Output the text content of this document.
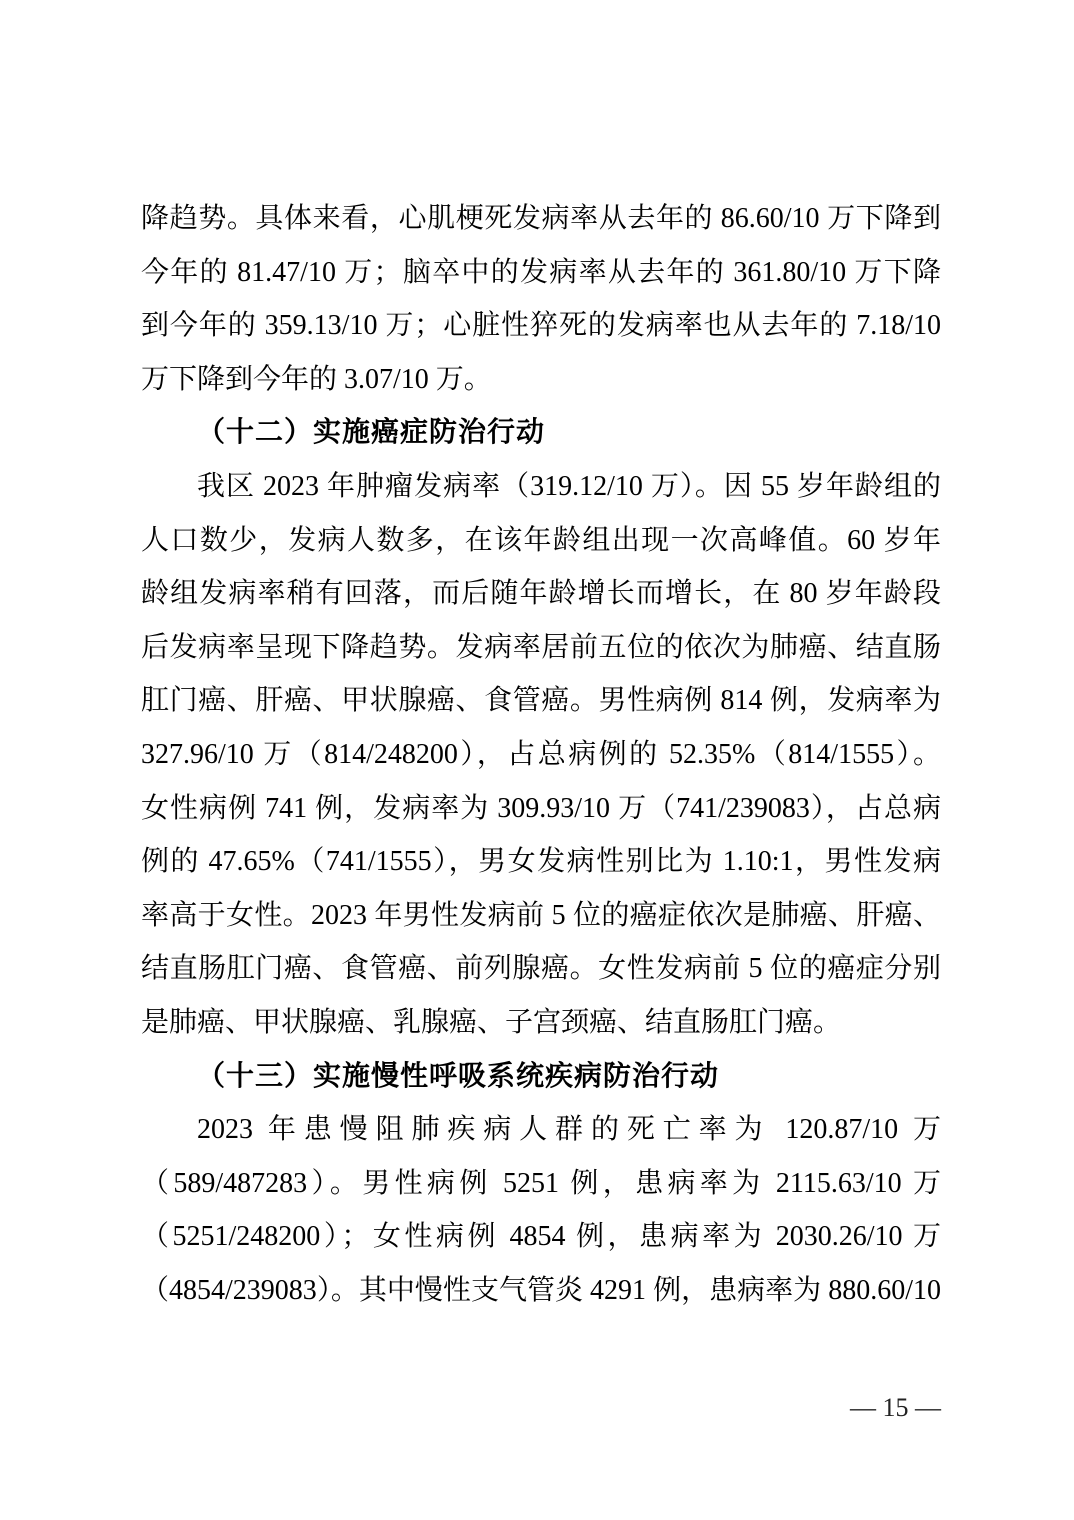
降趋势。具体来看，心肌梗死发病率从去年的 86.60/10 万下降到
今年的 81.47/10 万；脑卒中的发病率从去年的 361.80/10 万下降
到今年的 359.13/10 万；心脏性猝死的发病率也从去年的 7.18/10
万下降到今年的 3.07/10 万。
（十二）实施癌症防治行动
我区 2023 年肿瘤发病率（319.12/10 万）。因 55 岁年龄组的
人口数少，发病人数多，在该年龄组出现一次高峰值。60 岁年
龄组发病率稍有回落，而后随年龄增长而增长，在 80 岁年龄段
后发病率呈现下降趋势。发病率居前五位的依次为肺癌、结直肠
肛门癌、肝癌、甲状腺癌、食管癌。男性病例 814 例，发病率为
327.96/10 万（814/248200），占总病例的 52.35%（814/1555）。
女性病例 741 例，发病率为 309.93/10 万（741/239083），占总病
例的 47.65%（741/1555），男女发病性别比为 1.10:1，男性发病
率高于女性。2023 年男性发病前 5 位的癌症依次是肺癌、肝癌、
结直肠肛门癌、食管癌、前列腺癌。女性发病前 5 位的癌症分别
是肺癌、甲状腺癌、乳腺癌、子宫颈癌、结直肠肛门癌。
（十三）实施慢性呼吸系统疾病防治行动
2023 年患慢阻肺疾病人群的死亡率为 120.87/10 万
（589/487283）。男性病例 5251 例，患病率为 2115.63/10 万
（5251/248200）；女性病例 4854 例，患病率为 2030.26/10 万
（4854/239083）。其中慢性支气管炎 4291 例，患病率为 880.60/10
— 15 —
